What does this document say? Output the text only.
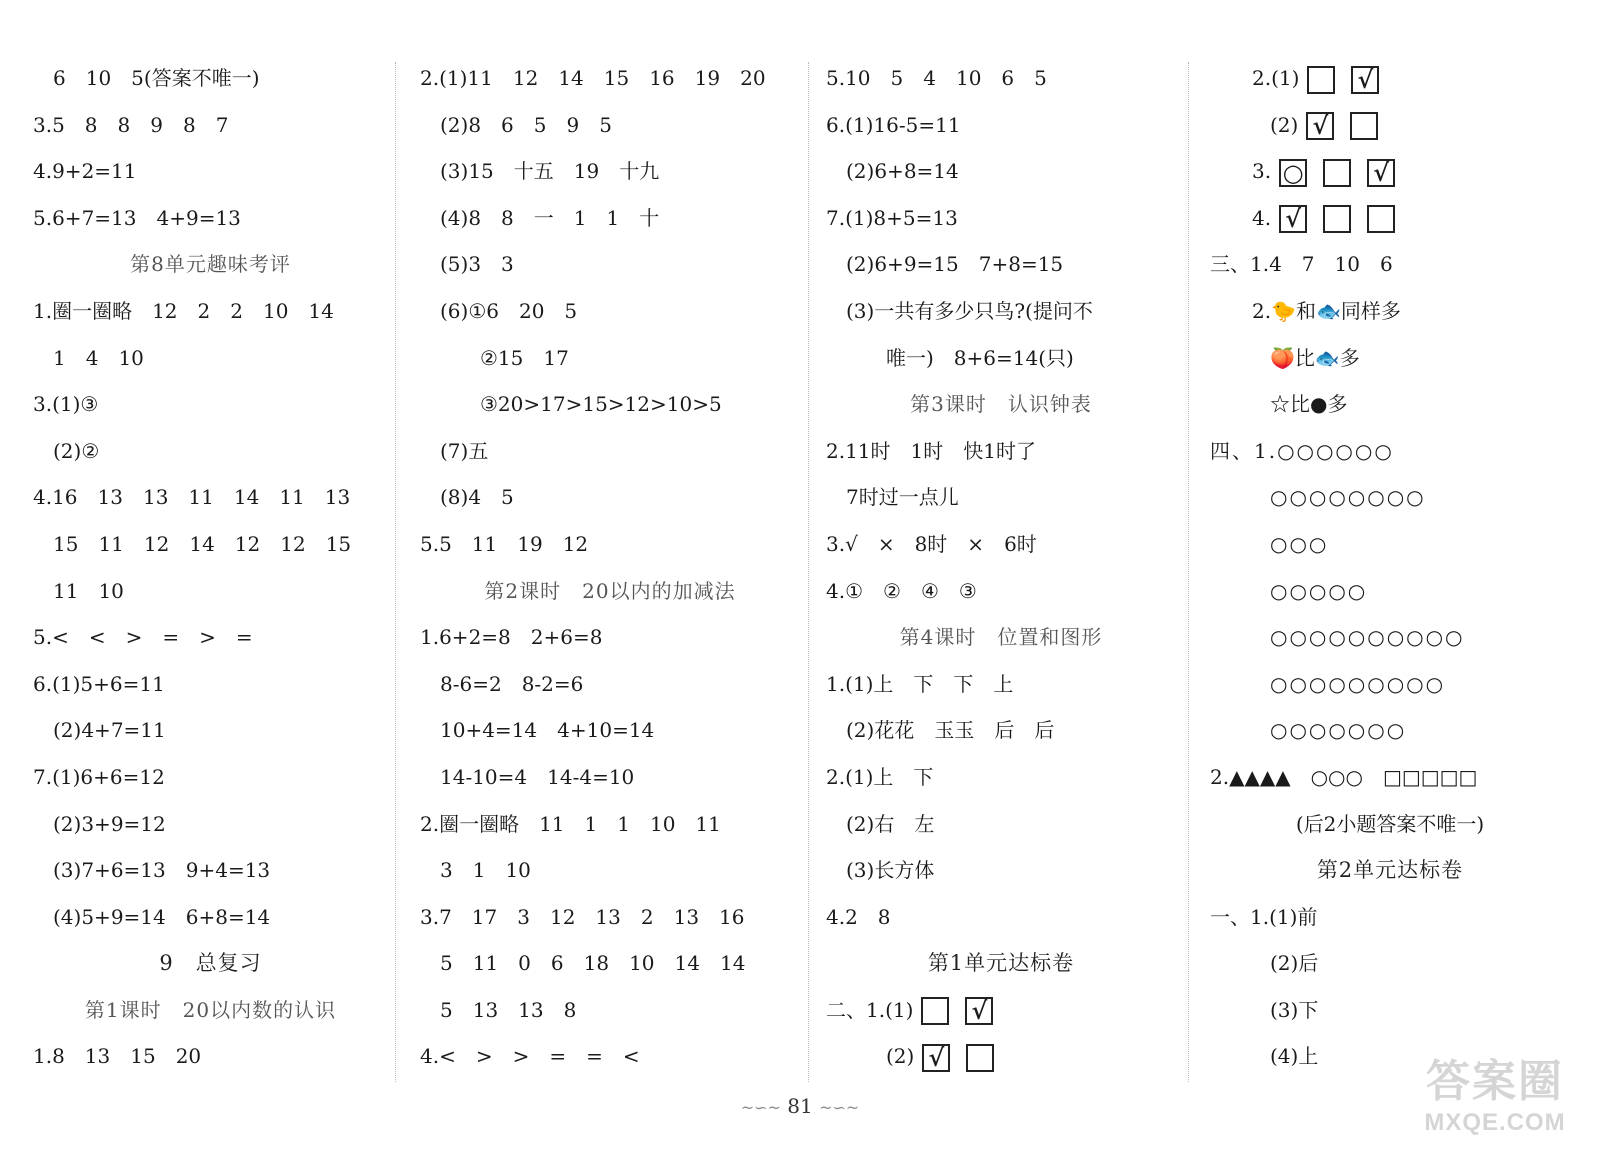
6　10　5(答案不唯一)
3.5　8　8　9　8　7
4.9+2=11
5.6+7=13　4+9=13
第8单元趣味考评
1.圈一圈略　12　2　2　10　14
1　4　10
3.(1)③
(2)②
4.16　13　13　11　14　11　13
15　11　12　14　12　12　15
11　10
5.<　<　>　=　>　=
6.(1)5+6=11
(2)4+7=11
7.(1)6+6=12
(2)3+9=12
(3)7+6=13　9+4=13
(4)5+9=14　6+8=14
9　总复习
第1课时　20以内数的认识
1.8　13　15　20
2.(1)11　12　14　15　16　19　20
(2)8　6　5　9　5
(3)15　十五　19　十九
(4)8　8　一　1　1　十
(5)3　3
(6)①6　20　5
②15　17
③20>17>15>12>10>5
(7)五
(8)4　5
5.5　11　19　12
第2课时　20以内的加减法
1.6+2=8　2+6=8
8-6=2　8-2=6
10+4=14　4+10=14
14-10=4　14-4=10
2.圈一圈略　11　1　1　10　11
3　1　10
3.7　17　3　12　13　2　13　16
5　11　0　6　18　10　14　14
5　13　13　8
4.<　>　>　=　=　<
5.10　5　4　10　6　5
6.(1)16-5=11
(2)6+8=14
7.(1)8+5=13
(2)6+9=15　7+8=15
(3)一共有多少只鸟?(提问不
唯一)　8+6=14(只)
第3课时　认识钟表
2.11时　1时　快1时了
7时过一点儿
3.√　×　8时　×　6时
4.①　②　④　③
第4课时　位置和图形
1.(1)上　下　下　上
(2)花花　玉玉　后　后
2.(1)上　下
(2)右　左
(3)长方体
4.2　8
第1单元达标卷
二、1.(1) √
(2) √
2.(1) √
(2) √
3. ○	√
4. √
三、1.4　7　10　6
2.🐤和🐟同样多
🍑比🐟多
☆比●多
四、1.○○○○○○
○○○○○○○○
○○○
○○○○○
○○○○○○○○○○
○○○○○○○○○
○○○○○○○
2.▲▲▲▲　○○○　□□□□□
(后2小题答案不唯一)
第2单元达标卷
一、1.(1)前
(2)后
(3)下
(4)上
~∽~ 81 ~∽~
答案圈
MXQE.COM
